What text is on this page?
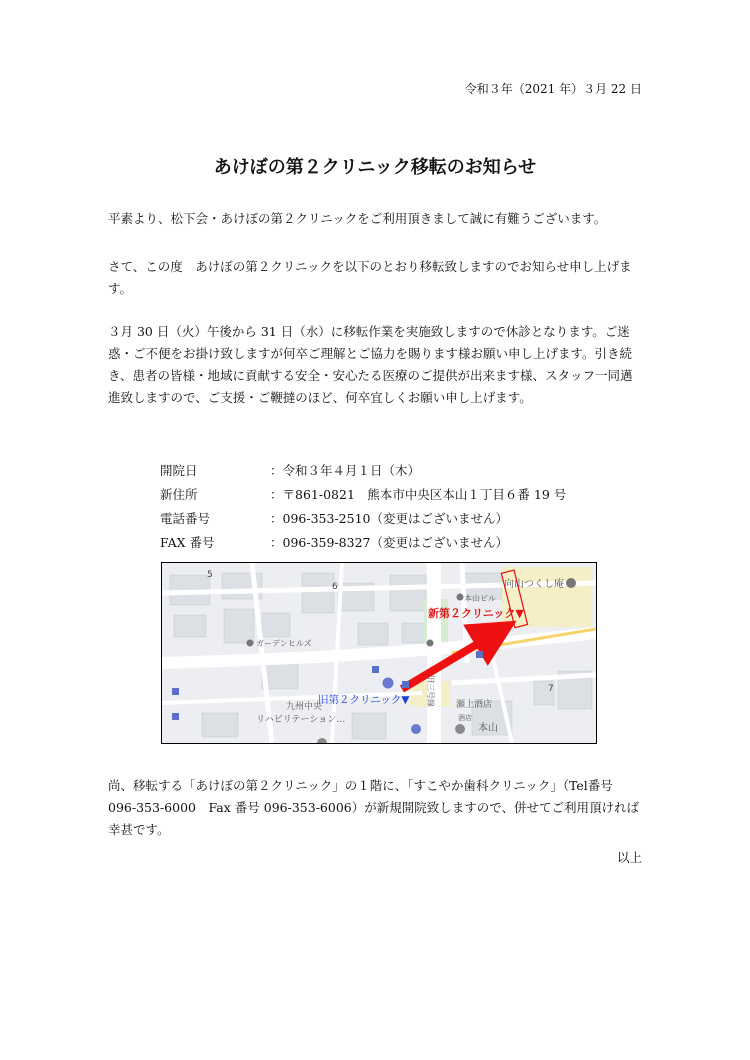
令和３年（2021 年）３月 22 日
あけぼの第２クリニック移転のお知らせ
平素より、松下会・あけぼの第２クリニックをご利用頂きまして誠に有難うございます。
さて、この度　あけぼの第２クリニックを以下のとおり移転致しますのでお知らせ申し上げます。
３月 30 日（火）午後から 31 日（水）に移転作業を実施致しますので休診となります。ご迷惑・ご不便をお掛け致しますが何卒ご理解とご協力を賜ります様お願い申し上げます。引き続き、患者の皆様・地域に貢献する安全・安心たる医療のご提供が出来ます様、スタッフ一同邁進致しますので、ご支援・ご鞭撻のほど、何卒宜しくお願い申し上げます。
開院日	：令和３年４月１日（木）
新住所	：〒861-0821　熊本市中央区本山１丁目６番 19 号
電話番号	：096-353-2510（変更はございません）
FAX 番号	：096-359-8327（変更はございません）
5
6
7
向山つくし庵
本山ビル
ガーデンヒルズ
九州中央
リハビリテーション…
瀬上酒店
酒店
本山
旧三号線
新第２クリニック▼
旧第２クリニック▼
尚、移転する「あけぼの第２クリニック」の１階に、「すこやか歯科クリニック」（Tel番号 096-353-6000　Fax 番号 096-353-6006）が新規開院致しますので、併せてご利用頂ければ幸甚です。
以上
